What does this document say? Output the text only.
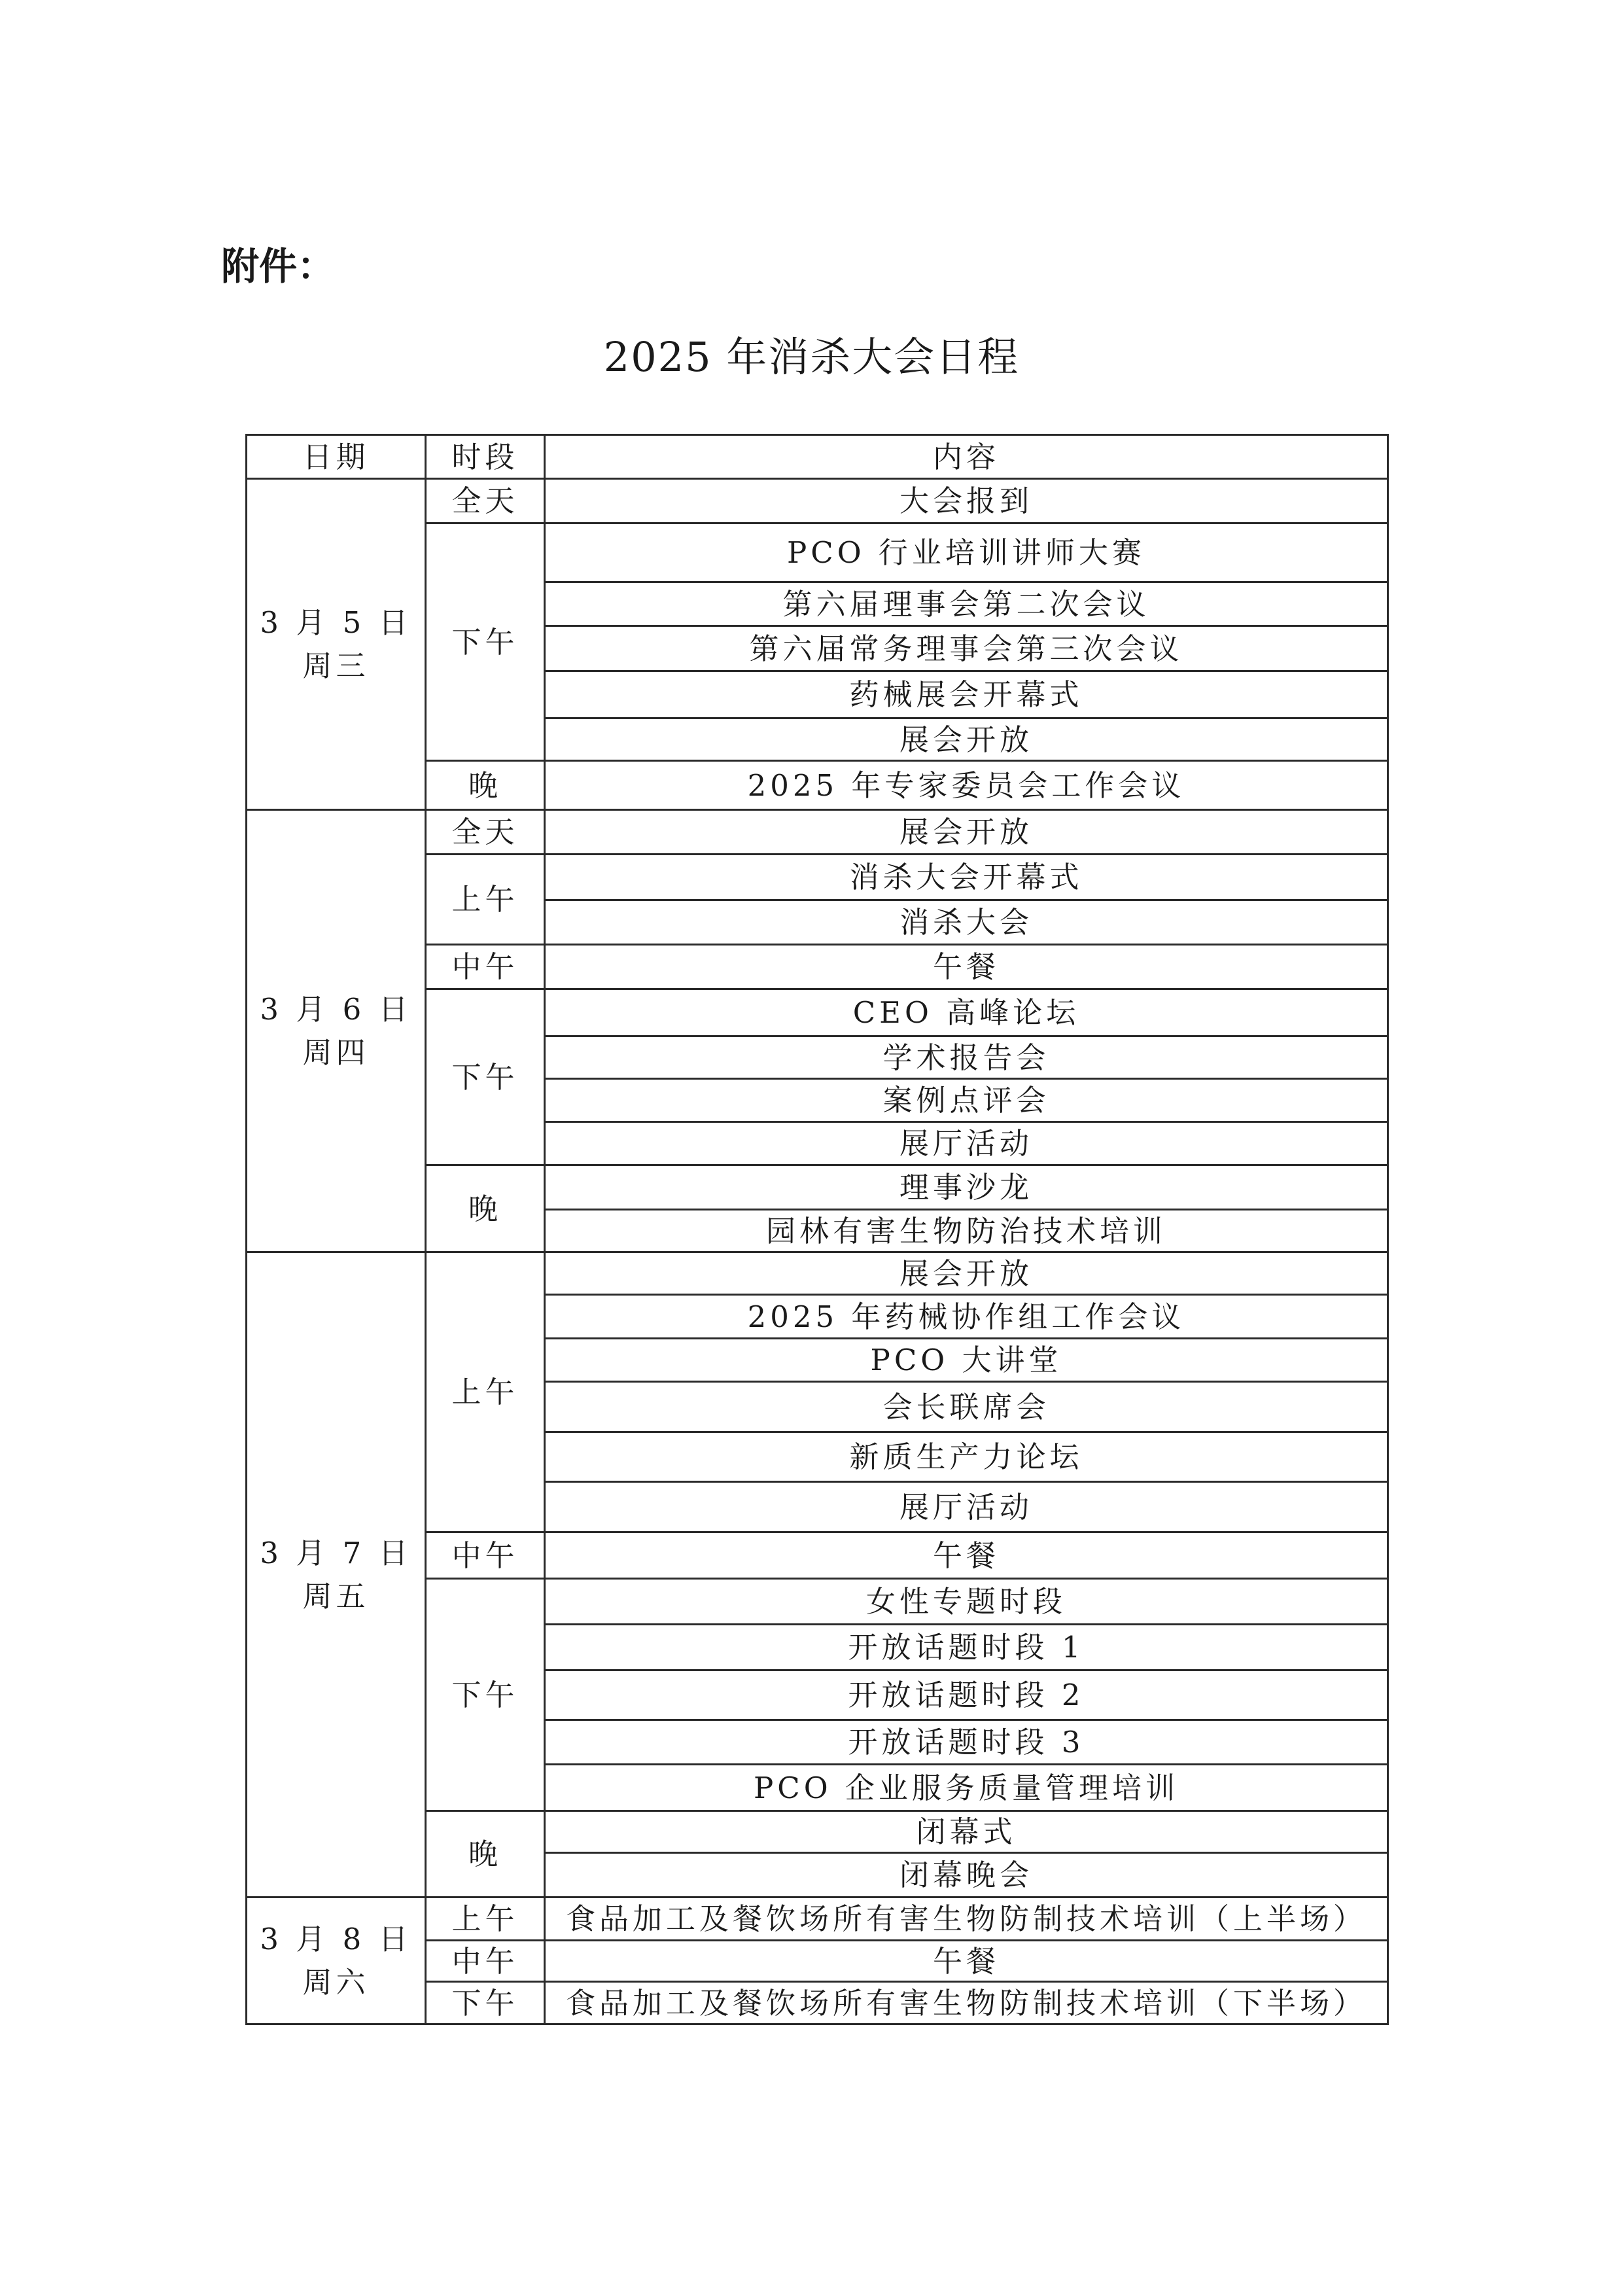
附件：
2025 年消杀大会日程
日期	时段	内容

3 月 5 日
周三	全天	大会报到
	下午	PCO 行业培训讲师大赛
		第六届理事会第二次会议
		第六届常务理事会第三次会议
		药械展会开幕式
		展会开放
	晚	2025 年专家委员会工作会议

3 月 6 日
周四	全天	展会开放
	上午	消杀大会开幕式
		消杀大会
	中午	午餐
	下午	CEO 高峰论坛
		学术报告会
		案例点评会
		展厅活动
	晚	理事沙龙
		园林有害生物防治技术培训

3 月 7 日
周五	上午	展会开放
		2025 年药械协作组工作会议
		PCO 大讲堂
		会长联席会
		新质生产力论坛
		展厅活动
	中午	午餐
	下午	女性专题时段
		开放话题时段 1
		开放话题时段 2
		开放话题时段 3
		PCO 企业服务质量管理培训
	晚	闭幕式
		闭幕晚会

3 月 8 日
周六	上午	食品加工及餐饮场所有害生物防制技术培训（上半场）
	中午	午餐
	下午	食品加工及餐饮场所有害生物防制技术培训（下半场）
